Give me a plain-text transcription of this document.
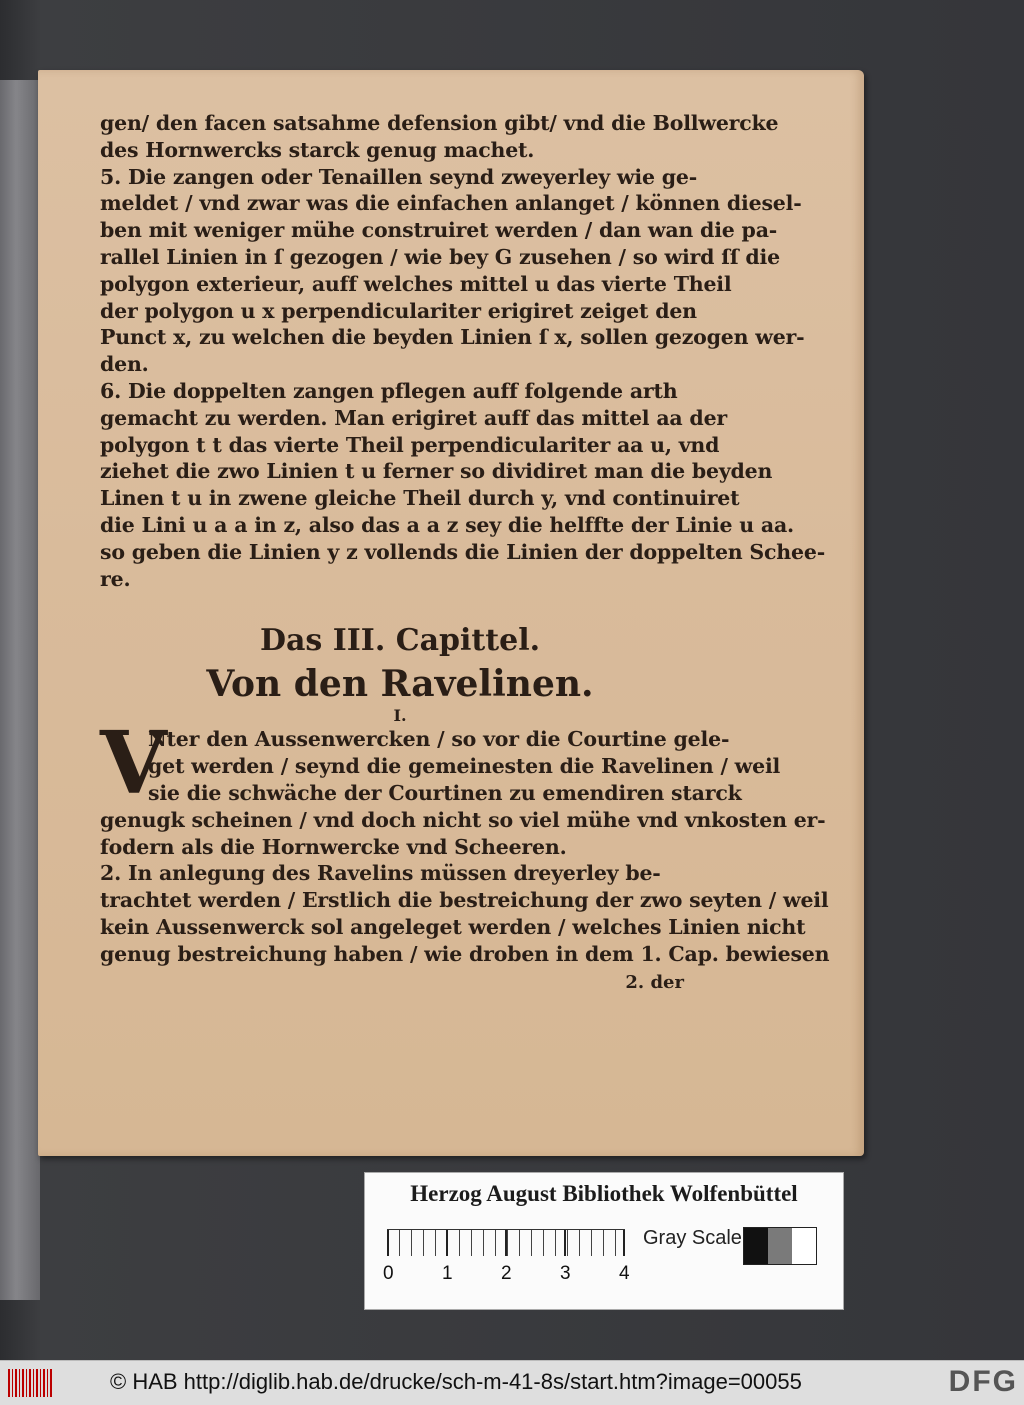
gen/ den facen satsahme defension gibt/ vnd die Bollwercke
des Hornwercks starck genug machet.
5. Die zangen oder Tenaillen seynd zweyerley wie ge-
meldet / vnd zwar was die einfachen anlanget / können diesel-
ben mit weniger mühe construiret werden / dan wan die pa-
rallel Linien in ſ gezogen / wie bey G zusehen / so wird ſſ die
polygon exterieur, auff welches mittel u das vierte Theil
der polygon u x perpendiculariter erigiret zeiget den
Punct x, zu welchen die beyden Linien ſ x, sollen gezogen wer-
den.
6. Die doppelten zangen pflegen auff folgende arth
gemacht zu werden. Man erigiret auff das mittel aa der
polygon t t das vierte Theil perpendiculariter aa u, vnd
ziehet die zwo Linien t u ferner so dividiret man die beyden
Linen t u in zwene gleiche Theil durch y, vnd continuiret
die Lini u a a in z, also das a a z sey die helffte der Linie u aa.
so geben die Linien y z vollends die Linien der doppelten Schee-
re.
Das III. Capittel.
Von den Ravelinen.
I.
V
Nter den Aussenwercken / so vor die Courtine gele-
get werden / seynd die gemeinesten die Ravelinen / weil
sie die schwäche der Courtinen zu emendiren starck
genugk scheinen / vnd doch nicht so viel mühe vnd vnkosten er-
fodern als die Hornwercke vnd Scheeren.
2. In anlegung des Ravelins müssen dreyerley be-
trachtet werden / Erstlich die bestreichung der zwo seyten / weil
kein Aussenwerck sol angeleget werden / welches Linien nicht
genug bestreichung haben / wie droben in dem 1. Cap. bewiesen
2. der
Herzog August Bibliothek Wolfenbüttel
0	1	2	3	4
Gray Scale
© HAB http://diglib.hab.de/drucke/sch-m-41-8s/start.htm?image=00055	DFG
